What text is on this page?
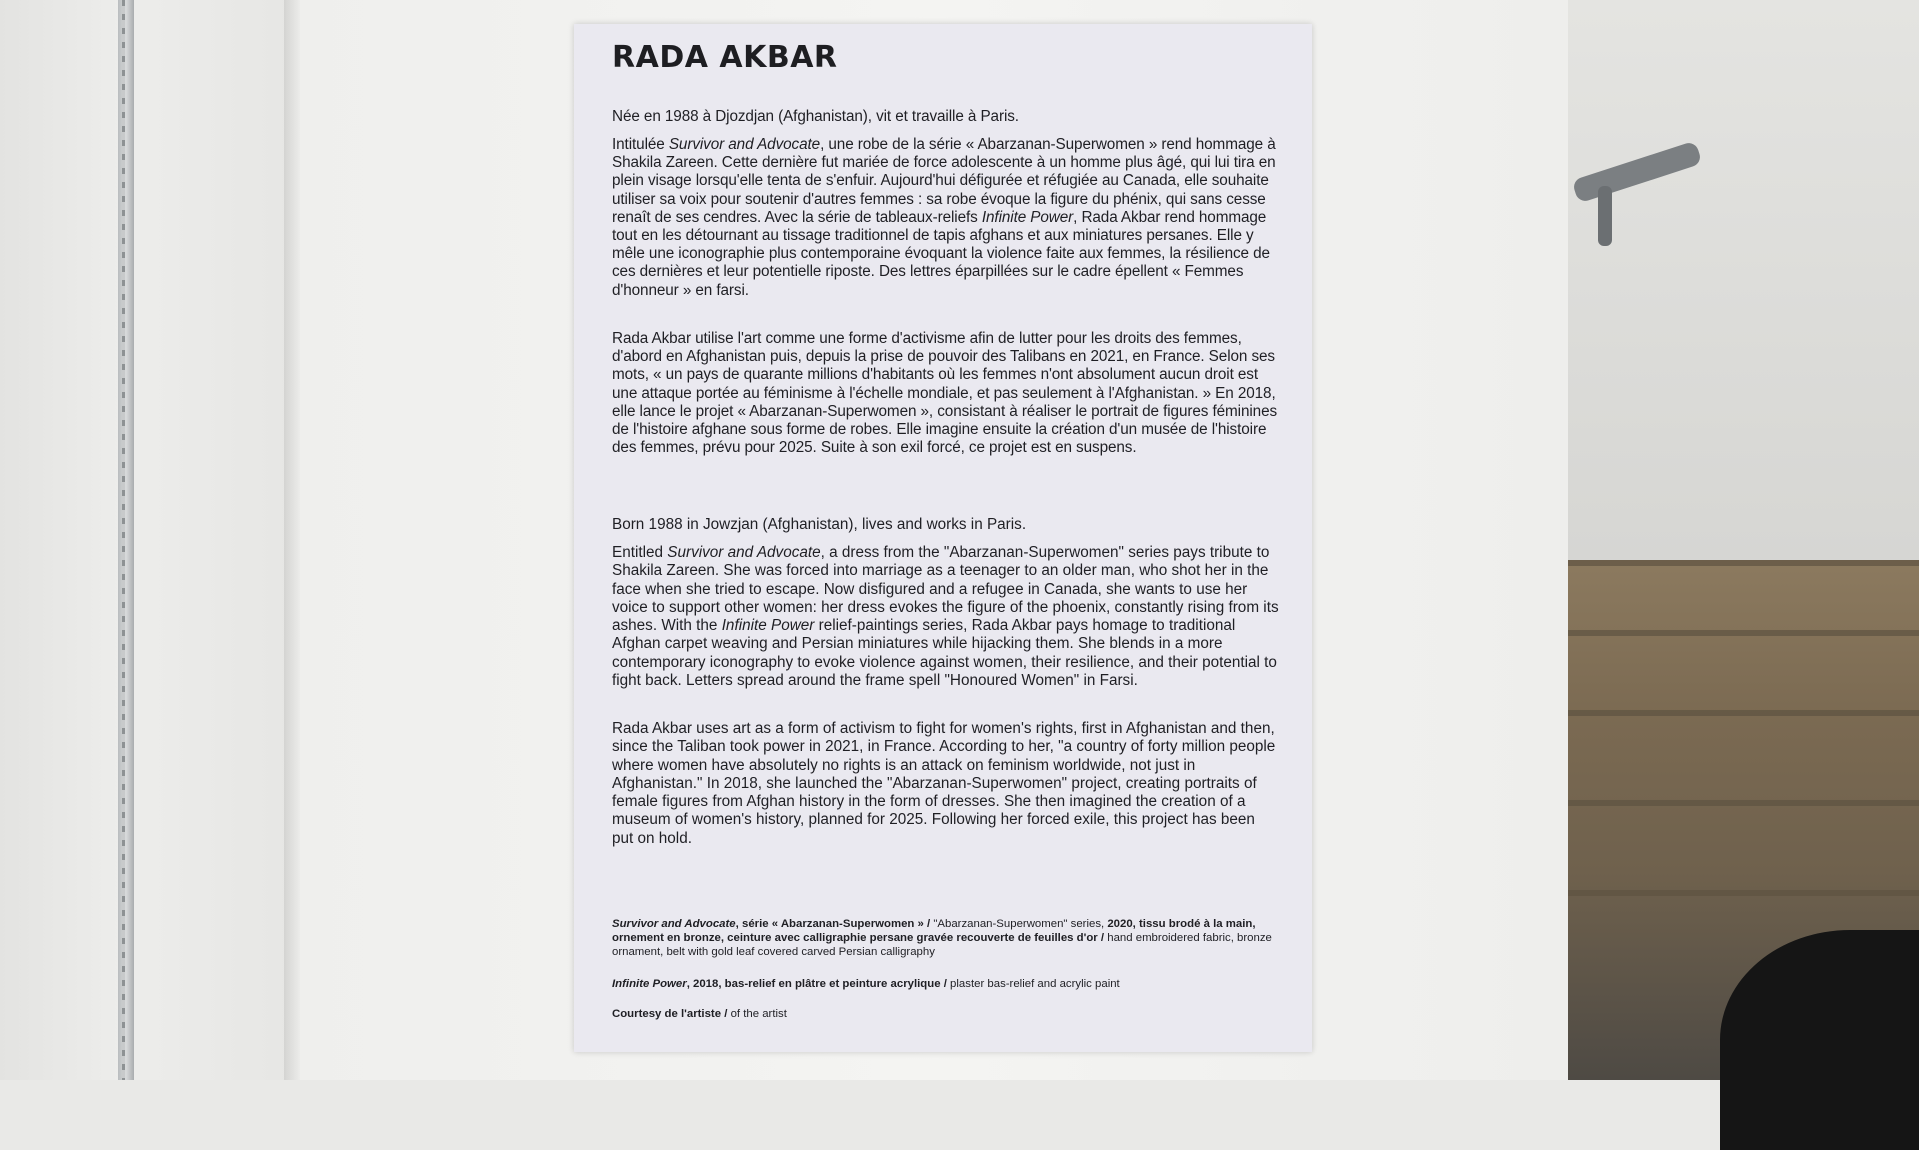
RADA AKBAR

Née en 1988 à Djozdjan (Afghanistan), vit et travaille à Paris.

Intitulée Survivor and Advocate, une robe de la série « Abarzanan-Superwomen » rend hommage à Shakila Zareen. Cette dernière fut mariée de force adolescente à un homme plus âgé, qui lui tira en plein visage lorsqu'elle tenta de s'enfuir. Aujourd'hui défigurée et réfugiée au Canada, elle souhaite utiliser sa voix pour soutenir d'autres femmes : sa robe évoque la figure du phénix, qui sans cesse renaît de ses cendres. Avec la série de tableaux-reliefs Infinite Power, Rada Akbar rend hommage tout en les détournant au tissage traditionnel de tapis afghans et aux miniatures persanes. Elle y mêle une iconographie plus contemporaine évoquant la violence faite aux femmes, la résilience de ces dernières et leur potentielle riposte. Des lettres éparpillées sur le cadre épellent « Femmes d'honneur » en farsi.

Rada Akbar utilise l'art comme une forme d'activisme afin de lutter pour les droits des femmes, d'abord en Afghanistan puis, depuis la prise de pouvoir des Talibans en 2021, en France. Selon ses mots, « un pays de quarante millions d'habitants où les femmes n'ont absolument aucun droit est une attaque portée au féminisme à l'échelle mondiale, et pas seulement à l'Afghanistan. » En 2018, elle lance le projet « Abarzanan-Superwomen », consistant à réaliser le portrait de figures féminines de l'histoire afghane sous forme de robes. Elle imagine ensuite la création d'un musée de l'histoire des femmes, prévu pour 2025. Suite à son exil forcé, ce projet est en suspens.

Born 1988 in Jowzjan (Afghanistan), lives and works in Paris.

Entitled Survivor and Advocate, a dress from the "Abarzanan-Superwomen" series pays tribute to Shakila Zareen. She was forced into marriage as a teenager to an older man, who shot her in the face when she tried to escape. Now disfigured and a refugee in Canada, she wants to use her voice to support other women: her dress evokes the figure of the phoenix, constantly rising from its ashes. With the Infinite Power relief-paintings series, Rada Akbar pays homage to traditional Afghan carpet weaving and Persian miniatures while hijacking them. She blends in a more contemporary iconography to evoke violence against women, their resilience, and their potential to fight back. Letters spread around the frame spell "Honoured Women" in Farsi.

Rada Akbar uses art as a form of activism to fight for women's rights, first in Afghanistan and then, since the Taliban took power in 2021, in France. According to her, "a country of forty million people where women have absolutely no rights is an attack on feminism worldwide, not just in Afghanistan." In 2018, she launched the "Abarzanan-Superwomen" project, creating portraits of female figures from Afghan history in the form of dresses. She then imagined the creation of a museum of women's history, planned for 2025. Following her forced exile, this project has been put on hold.

Survivor and Advocate, série « Abarzanan-Superwomen » / "Abarzanan-Superwomen" series, 2020, tissu brodé à la main, ornement en bronze, ceinture avec calligraphie persane gravée recouverte de feuilles d'or / hand embroidered fabric, bronze ornament, belt with gold leaf covered carved Persian calligraphy

Infinite Power, 2018, bas-relief en plâtre et peinture acrylique / plaster bas-relief and acrylic paint

Courtesy de l'artiste / of the artist
